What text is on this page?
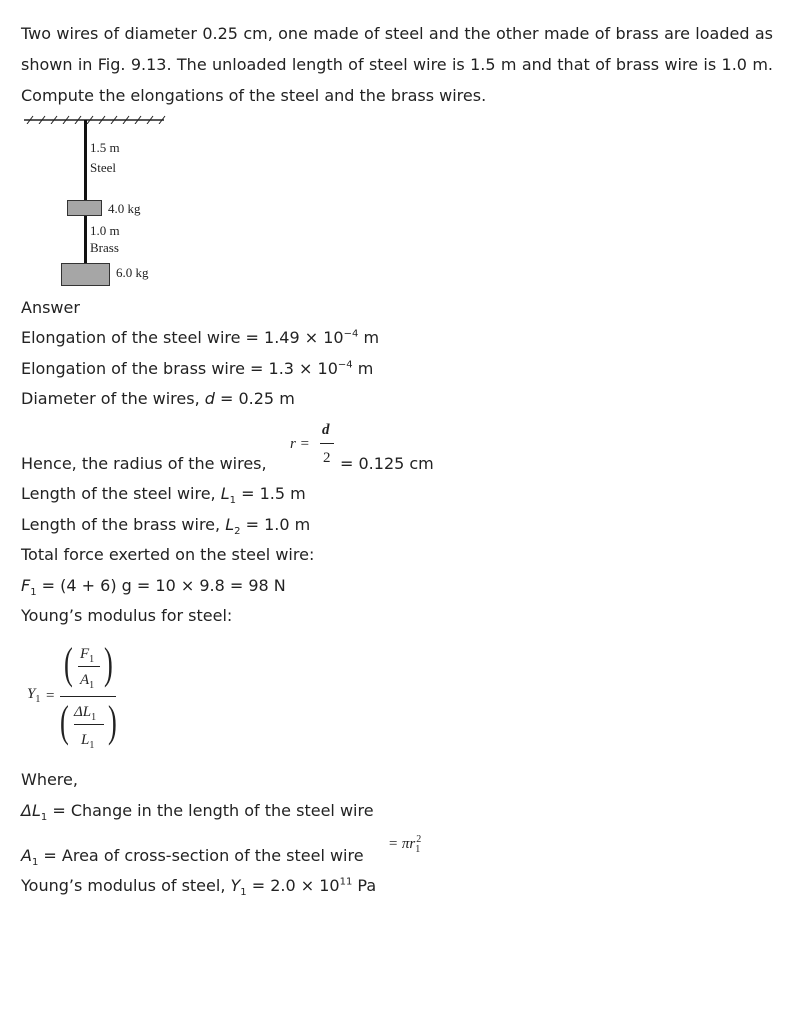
Two wires of diameter 0.25 cm, one made of steel and the other made of brass are loaded as shown in Fig. 9.13. The unloaded length of steel wire is 1.5 m and that of brass wire is 1.0 m. Compute the elongations of the steel and the brass wires.

1.5 m
Steel
4.0 kg
1.0 m
Brass
6.0 kg

Answer

Elongation of the steel wire = $1.49 \times 10^{-4}$ m

Elongation of the brass wire = $1.3 \times 10^{-4}$ m

Diameter of the wires, d = 0.25 m

Hence, the radius of the wires,

r =
d
2 = 0.125 cm

Length of the steel wire, $L_1 = 1.5$ m

Length of the brass wire, $L_2 = 1.0$ m

Total force exerted on the steel wire:

$F_1 = (4 + 6) g = 10 \times 9.8 = 98$ N

Young’s modulus for steel:

$Y_1$ =
( $F_1$
$A_1$ )
( $\Delta L_1$
$L_1$ )

Where,

$\Delta L_1$ = Change in the length of the steel wire

$A_1$ = Area of cross-section of the steel wire

= $\pi r_1^2$

Young’s modulus of steel, $Y_1 = 2.0 \times 10^{11}$ Pa
